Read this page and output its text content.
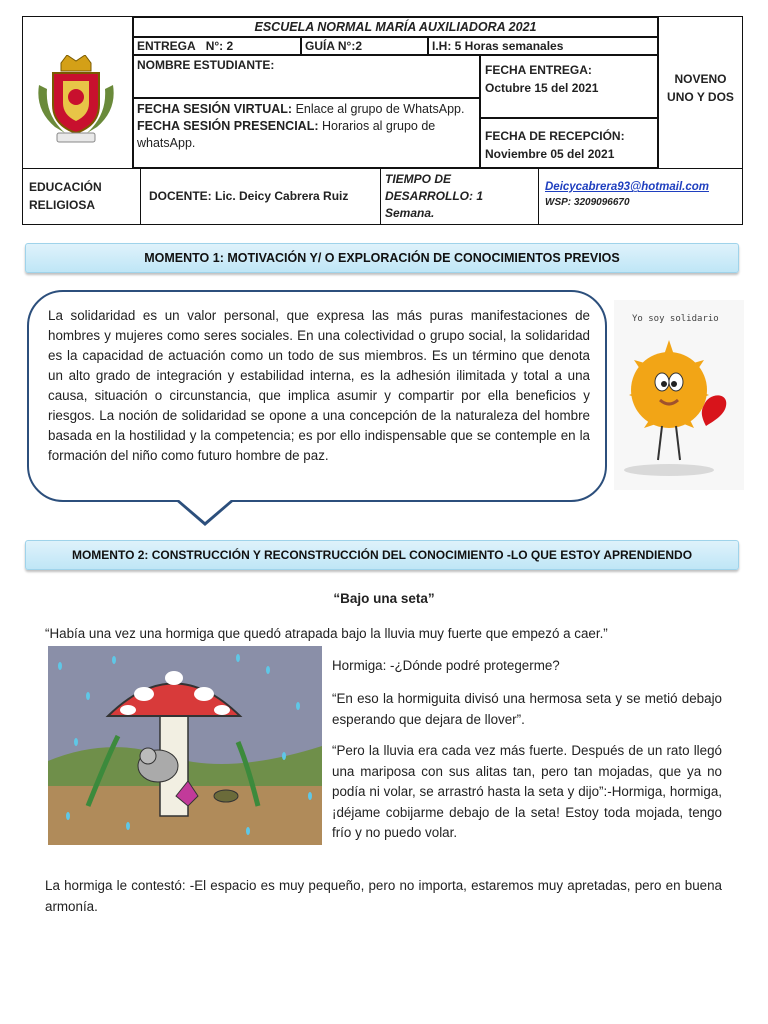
ESCUELA NORMAL MARÍA AUXILIADORA 2021
ENTREGA N°: 2	GUÍA N°:2	I.H: 5 Horas semanales
NOMBRE ESTUDIANTE:
FECHA SESIÓN VIRTUAL: Enlace al grupo de WhatsApp.
FECHA SESIÓN PRESENCIAL: Horarios al grupo de whatsApp.
FECHA ENTREGA:
Octubre 15 del 2021
FECHA DE RECEPCIÓN:
Noviembre 05 del 2021
NOVENO
UNO Y DOS
EDUCACIÓN
RELIGIOSA
DOCENTE: Lic. Deicy Cabrera Ruiz
TIEMPO DE
DESARROLLO: 1
Semana.
Deicycabrera93@hotmail.com
WSP: 3209096670
MOMENTO 1: MOTIVACIÓN Y/ O EXPLORACIÓN DE CONOCIMIENTOS PREVIOS

La solidaridad es un valor personal, que expresa las más puras manifestaciones de hombres y mujeres como seres sociales. En una colectividad o grupo social, la solidaridad es la capacidad de actuación como un todo de sus miembros. Es un término que denota un alto grado de integración y estabilidad interna, es la adhesión ilimitada y total a una causa, situación o circunstancia, que implica asumir y compartir por ella beneficios y riesgos. La noción de solidaridad se opone a una concepción de la naturaleza del hombre basada en la hostilidad y la competencia; es por ello indispensable que se contemple en la formación del niño como futuro hombre de paz.

Yo soy solidario
MOMENTO 2: CONSTRUCCIÓN Y RECONSTRUCCIÓN DEL CONOCIMIENTO -LO QUE ESTOY APRENDIENDO
“Bajo una seta”
“Había una vez una hormiga que quedó atrapada bajo la lluvia muy fuerte que empezó a caer.”
Hormiga: -¿Dónde podré protegerme?
“En eso la hormiguita divisó una hermosa seta y se metió debajo esperando que dejara de llover”.
“Pero la lluvia era cada vez más fuerte. Después de un rato llegó una mariposa con sus alitas tan, pero tan mojadas, que ya no podía ni volar, se arrastró hasta la seta y dijo”:-Hormiga, hormiga, ¡déjame cobijarme debajo de la seta! Estoy toda mojada, tengo frío y no puedo volar.
La hormiga le contestó: -El espacio es muy pequeño, pero no importa, estaremos muy apretadas, pero en buena armonía.
